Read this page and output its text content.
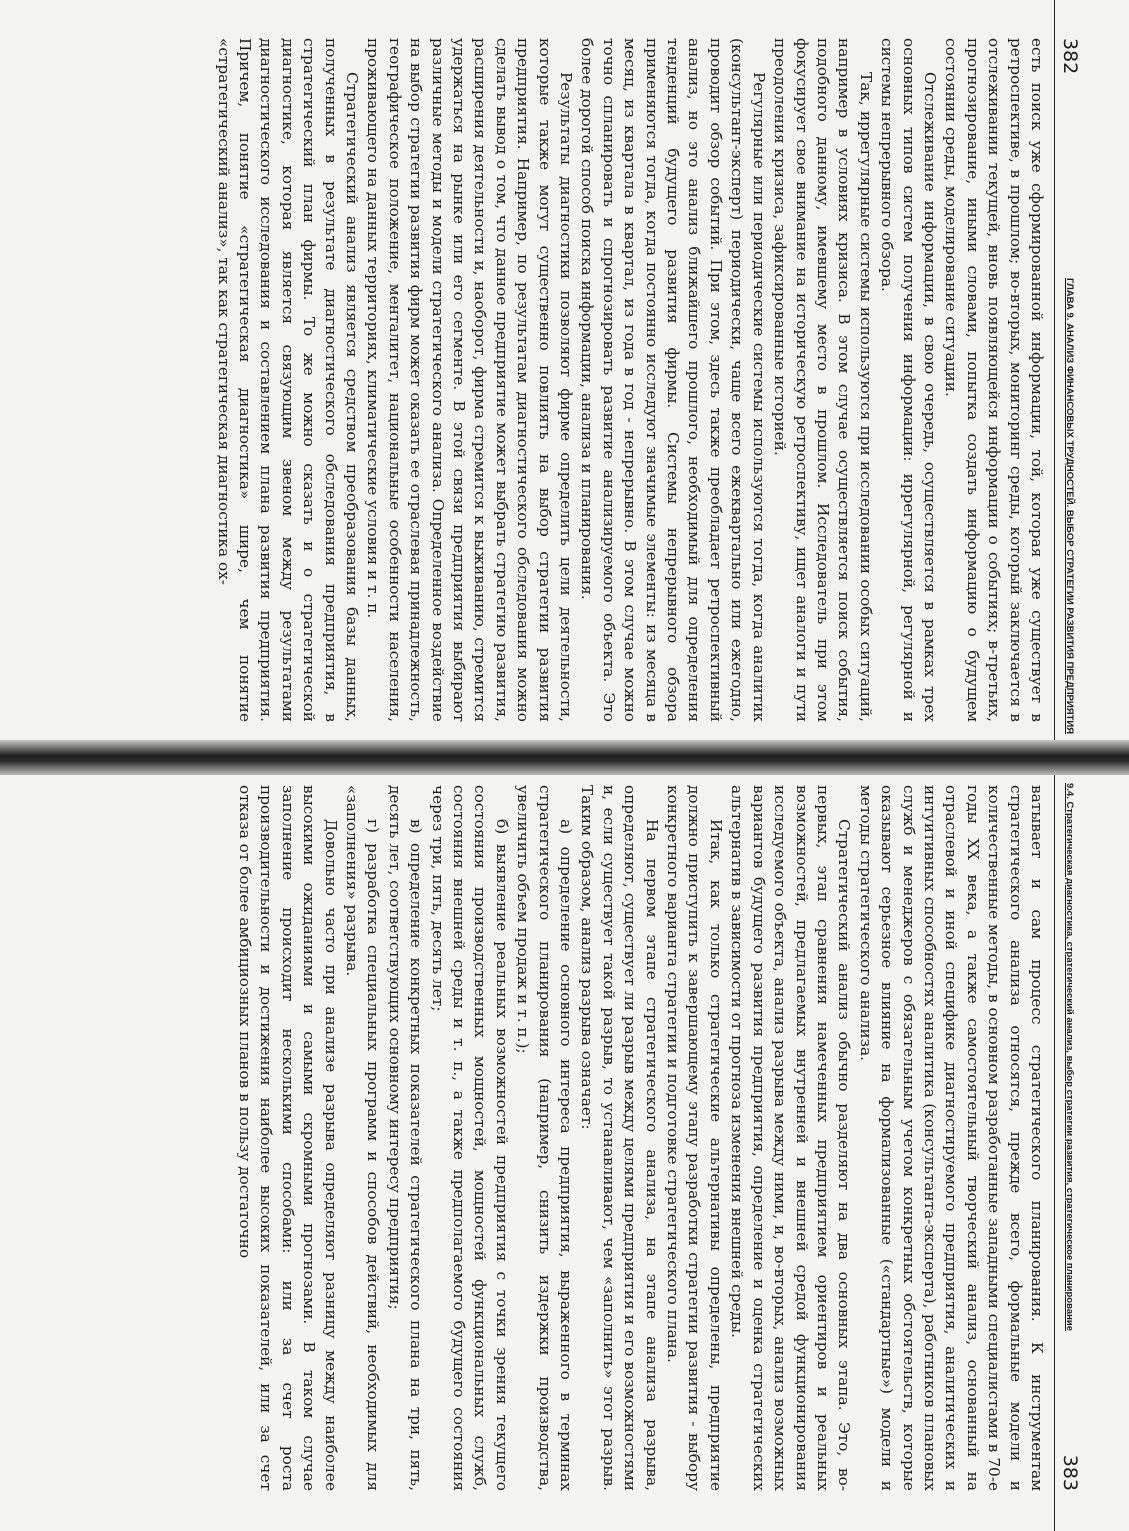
382
ГЛАВА 9. АНАЛИЗ ФИНАНСОВЫХ ТРУДНОСТЕЙ. ВЫБОР СТРАТЕГИИ РАЗВИТИЯ ПРЕДПРИЯТИЯ

есть поиск уже сформированной информации, той, которая уже существует в ретроспективе, в прошлом; во-вторых, мониторинг среды, который заключается в отслеживании текущей, вновь появляющейся информации о событиях; в-третьих, прогнозирование, иными словами, попытка создать информацию о будущем состоянии среды, моделирование ситуации.

Отслеживание информации, в свою очередь, осуществляется в рамках трех основных типов систем получения информации: иррегулярной, регулярной и системы непрерывного обзора.

Так, иррегулярные системы используются при исследовании особых ситуаций, например в условиях кризиса. В этом случае осуществляется поиск события, подобного данному, имевшему место в прошлом. Исследователь при этом фокусирует свое внимание на историческую ретроспективу, ищет аналоги и пути преодоления кризиса, зафиксированные историей.

Регулярные или периодические системы используются тогда, когда аналитик (консультант-эксперт) периодически, чаще всего ежеквартально или ежегодно, проводит обзор событий. При этом, здесь также преобладает ретроспективный анализ, но это анализ ближайшего прошлого, необходимый для определения тенденций будущего развития фирмы. Системы непрерывного обзора применяются тогда, когда постоянно исследуют значимые элементы: из месяца в месяц, из квартала в квартал, из года в год - непрерывно. В этом случае можно точно спланировать и спрогнозировать развитие анализируемого объекта. Это более дорогой способ поиска информации, анализа и планирования.

Результаты диагностики позволяют фирме определить цели деятельности, которые также могут существенно повлиять на выбор стратегии развития предприятия. Например, по результатам диагностического обследования можно сделать вывод о том, что данное предприятие может выбрать стратегию развития, расширения деятельности и, наоборот, фирма стремится к выживанию, стремится удержаться на рынке или его сегменте. В этой связи предприятия выбирают различные методы и модели стратегического анализа. Определенное воздействие на выбор стратегии развития фирм может оказать ее отраслевая принадлежность, географическое положение, менталитет, национальные особенности населения, проживающего на данных территориях, климатические условия и т. п.

Стратегический анализ является средством преобразования базы данных, полученных в результате диагностического обследования предприятия, в стратегический план фирмы. То же можно сказать и о стратегической диагностике, которая является связующим звеном между результатами диагностического исследования и составлением плана развития предприятия. Причем, понятие «стратегическая диагностика» шире, чем понятие «стратегический анализ», так как стратегическая диагностика ох-

9.4. Стратегическая диагностика, стратегический анализ, выбор стратегии развития, стратегическое планирование
383

ватывает и сам процесс стратегического планирования. К инструментам стратегического анализа относятся, прежде всего, формальные модели и количественные методы, в основном разработанные западными специалистами в 70-е годы XX века, а также самостоятельный творческий анализ, основанный на отраслевой и иной специфике диагностируемого предприятия, аналитических и интуитивных способностях аналитика (консультанта-эксперта), работников плановых служб и менеджеров с обязательным учетом конкретных обстоятельств, которые оказывают серьезное влияние на формализованные («стандартные») модели и методы стратегического анализа.

Стратегический анализ обычно разделяют на два основных этапа. Это, во-первых, этап сравнения намеченных предприятием ориентиров и реальных возможностей, предлагаемых внутренней и внешней средой функционирования исследуемого объекта, анализ разрыва между ними, и, во-вторых, анализ возможных вариантов будущего развития предприятия, определение и оценка стратегических альтернатив в зависимости от прогноза изменения внешней среды.

Итак, как только стратегические альтернативы определены, предприятие должно приступить к завершающему этапу разработки стратегии развития - выбору конкретного варианта стратегии и подготовке стратегического плана.

На первом этапе стратегического анализа, на этапе анализа разрыва, определяют, существует ли разрыв между целями предприятия и его возможностями и, если существует такой разрыв, то устанавливают, чем «заполнить» этот разрыв. Таким образом, анализ разрыва означает:

а) определение основного интереса предприятия, выраженного в терминах стратегического планирования (например, снизить издержки производства, увеличить объем продаж и т. п.);

б) выявление реальных возможностей предприятия с точки зрения текущего состояния производственных мощностей, мощностей функциональных служб, состояния внешней среды и т. п., а также предполагаемого будущего состояния через три, пять, десять лет;

в) определение конкретных показателей стратегического плана на три, пять, десять лет, соответствующих основному интересу предприятия;

г) разработка специальных программ и способов действий, необходимых для «заполнения» разрыва.

Довольно часто при анализе разрыва определяют разницу между наиболее высокими ожиданиями и самыми скромными прогнозами. В таком случае заполнение происходит несколькими способами: или за счет роста производительности и достижения наиболее высоких показателей, или за счет отказа от более амбициозных планов в пользу достаточно
